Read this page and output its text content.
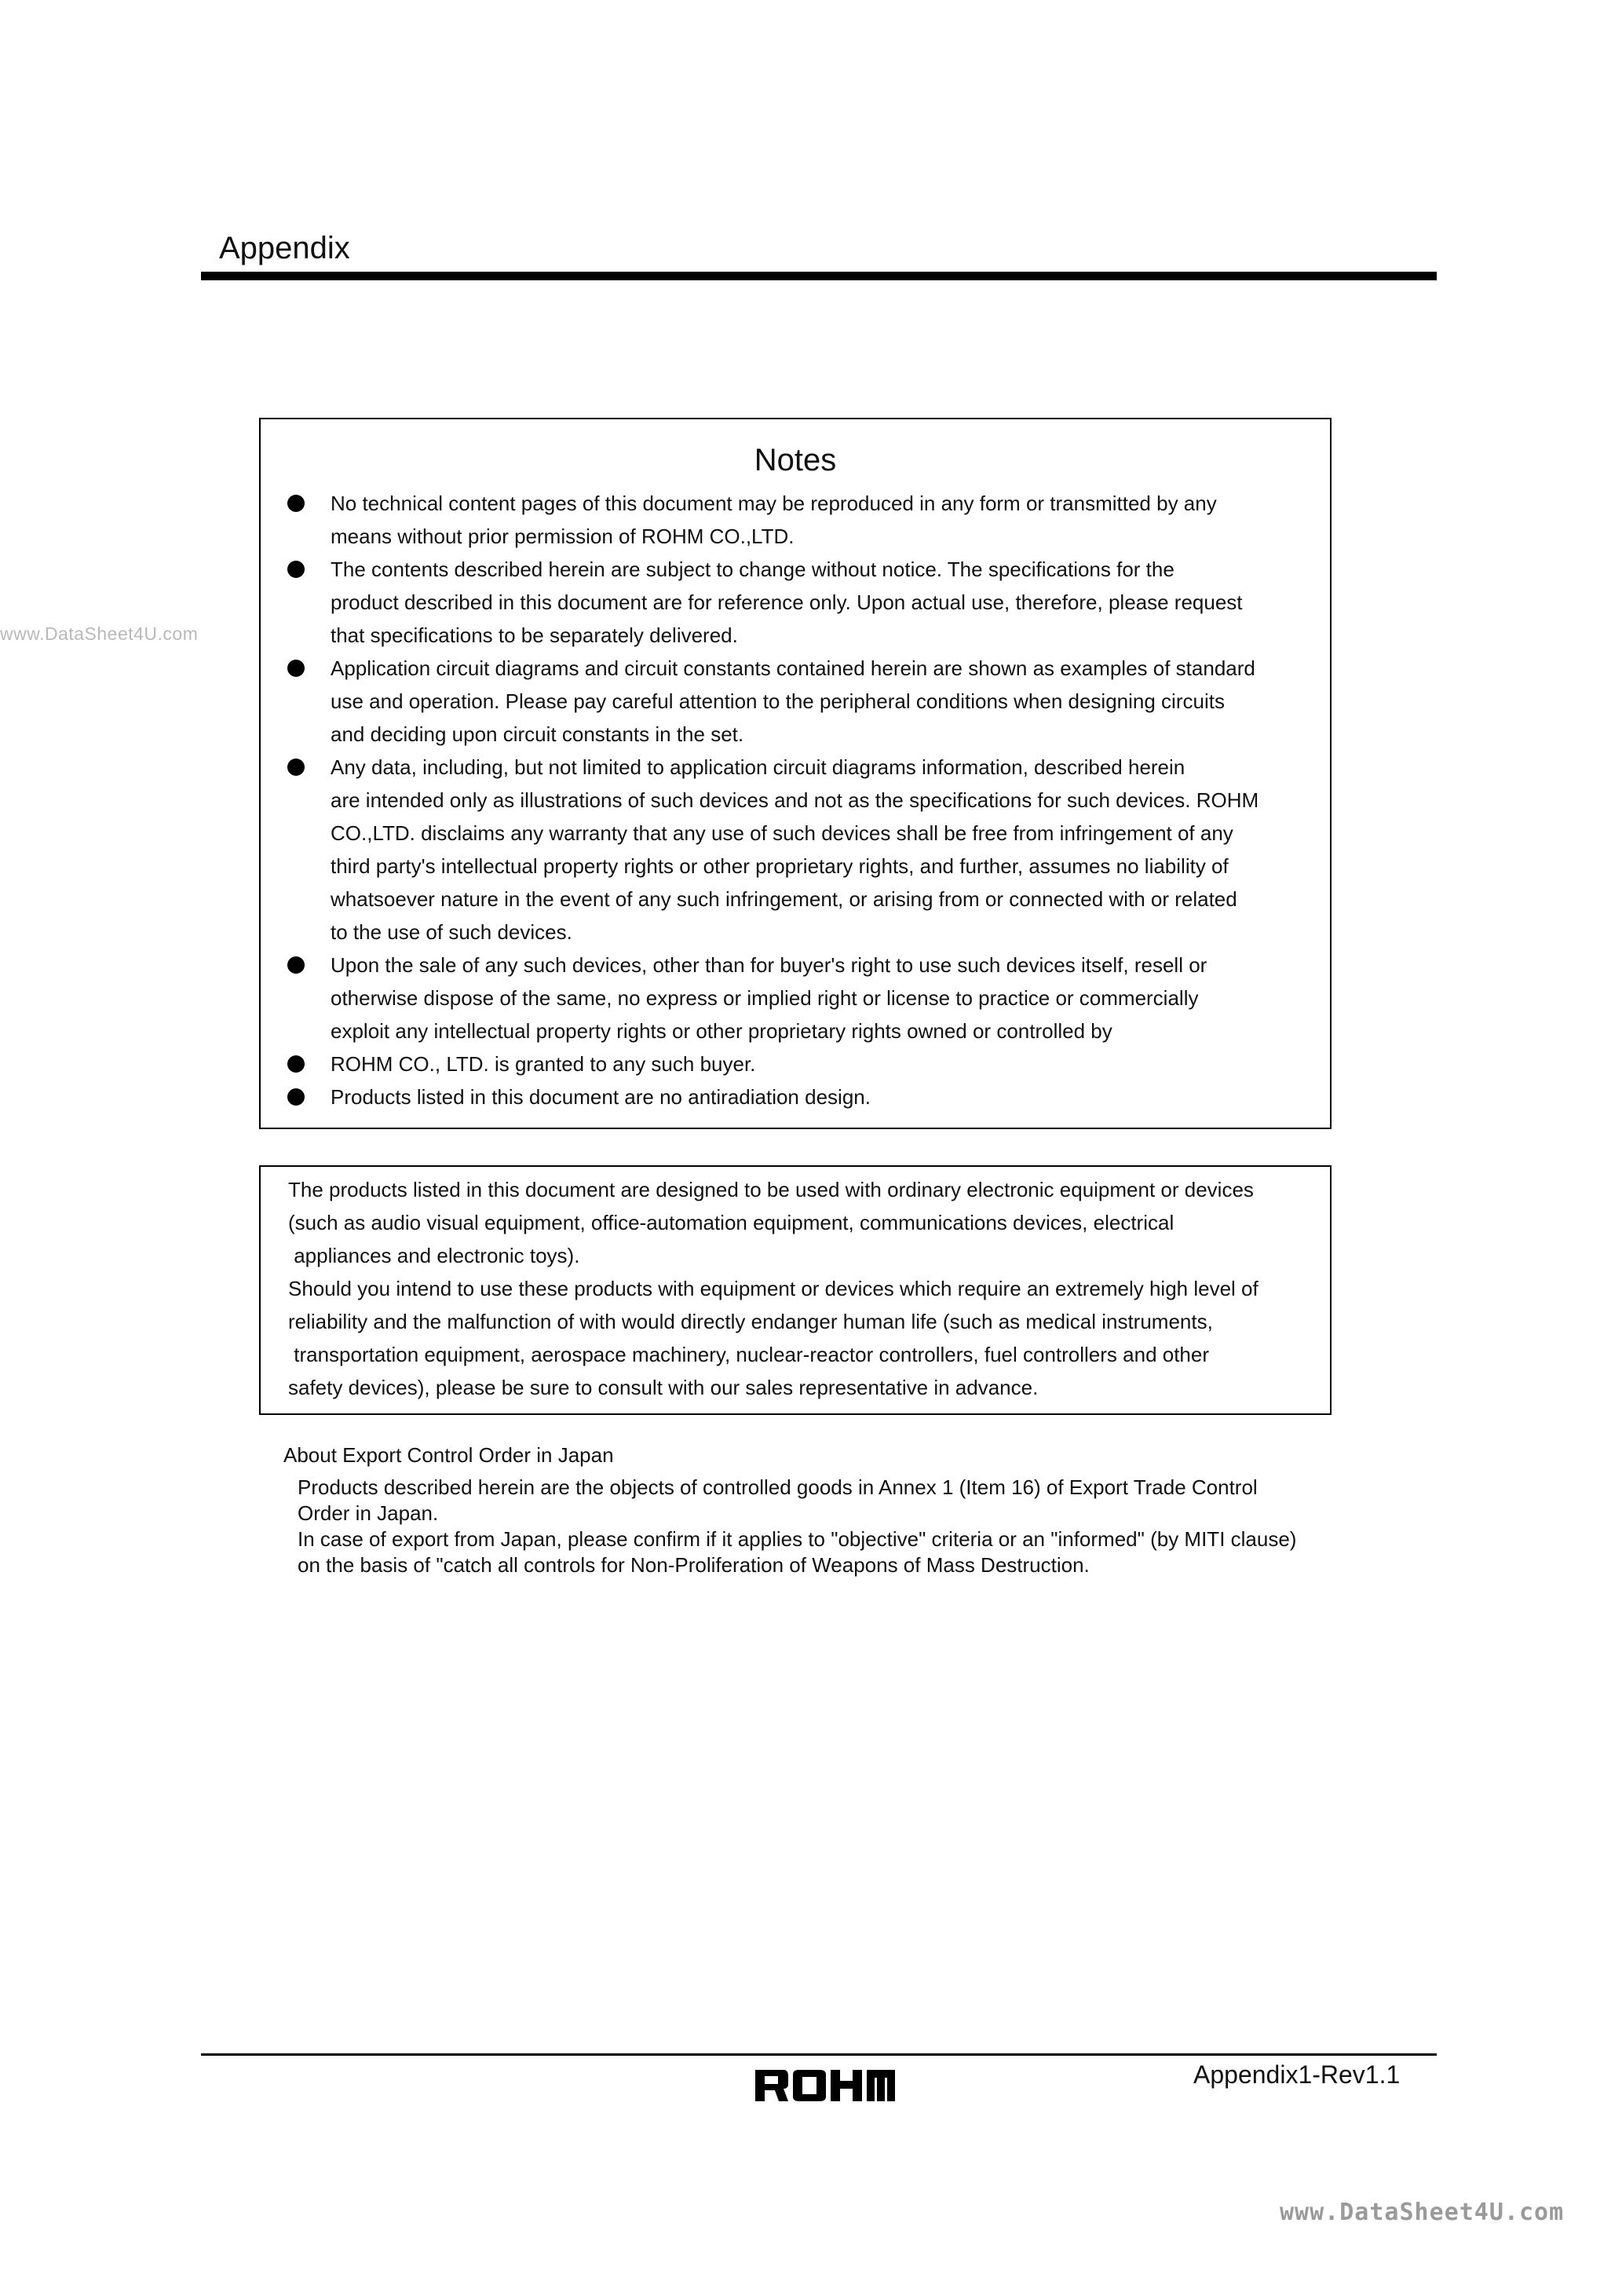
Appendix
www.DataSheet4U.com
Notes
No technical content pages of this document may be reproduced in any form or transmitted by any
means without prior permission of ROHM CO.,LTD.
The contents described herein are subject to change without notice. The specifications for the
product described in this document are for reference only. Upon actual use, therefore, please request
that specifications to be separately delivered.
Application circuit diagrams and circuit constants contained herein are shown as examples of standard
use and operation. Please pay careful attention to the peripheral conditions when designing circuits
and deciding upon circuit constants in the set.
Any data, including, but not limited to application circuit diagrams information, described herein
are intended only as illustrations of such devices and not as the specifications for such devices. ROHM
CO.,LTD. disclaims any warranty that any use of such devices shall be free from infringement of any
third party's intellectual property rights or other proprietary rights, and further, assumes no liability of
whatsoever nature in the event of any such infringement, or arising from or connected with or related
to the use of such devices.
Upon the sale of any such devices, other than for buyer's right to use such devices itself, resell or
otherwise dispose of the same, no express or implied right or license to practice or commercially
exploit any intellectual property rights or other proprietary rights owned or controlled by
ROHM CO., LTD. is granted to any such buyer.
Products listed in this document are no antiradiation design.
The products listed in this document are designed to be used with ordinary electronic equipment or devices
(such as audio visual equipment, office-automation equipment, communications devices, electrical
appliances and electronic toys).
Should you intend to use these products with equipment or devices which require an extremely high level of
reliability and the malfunction of with would directly endanger human life (such as medical instruments,
transportation equipment, aerospace machinery, nuclear-reactor controllers, fuel controllers and other
safety devices), please be sure to consult with our sales representative in advance.
About Export Control Order in Japan
Products described herein are the objects of controlled goods in Annex 1 (Item 16) of Export Trade Control
Order in Japan.
In case of export from Japan, please confirm if it applies to "objective" criteria or an "informed" (by MITI clause)
on the basis of "catch all controls for Non-Proliferation of Weapons of Mass Destruction.
Appendix1-Rev1.1
www.DataSheet4U.com
